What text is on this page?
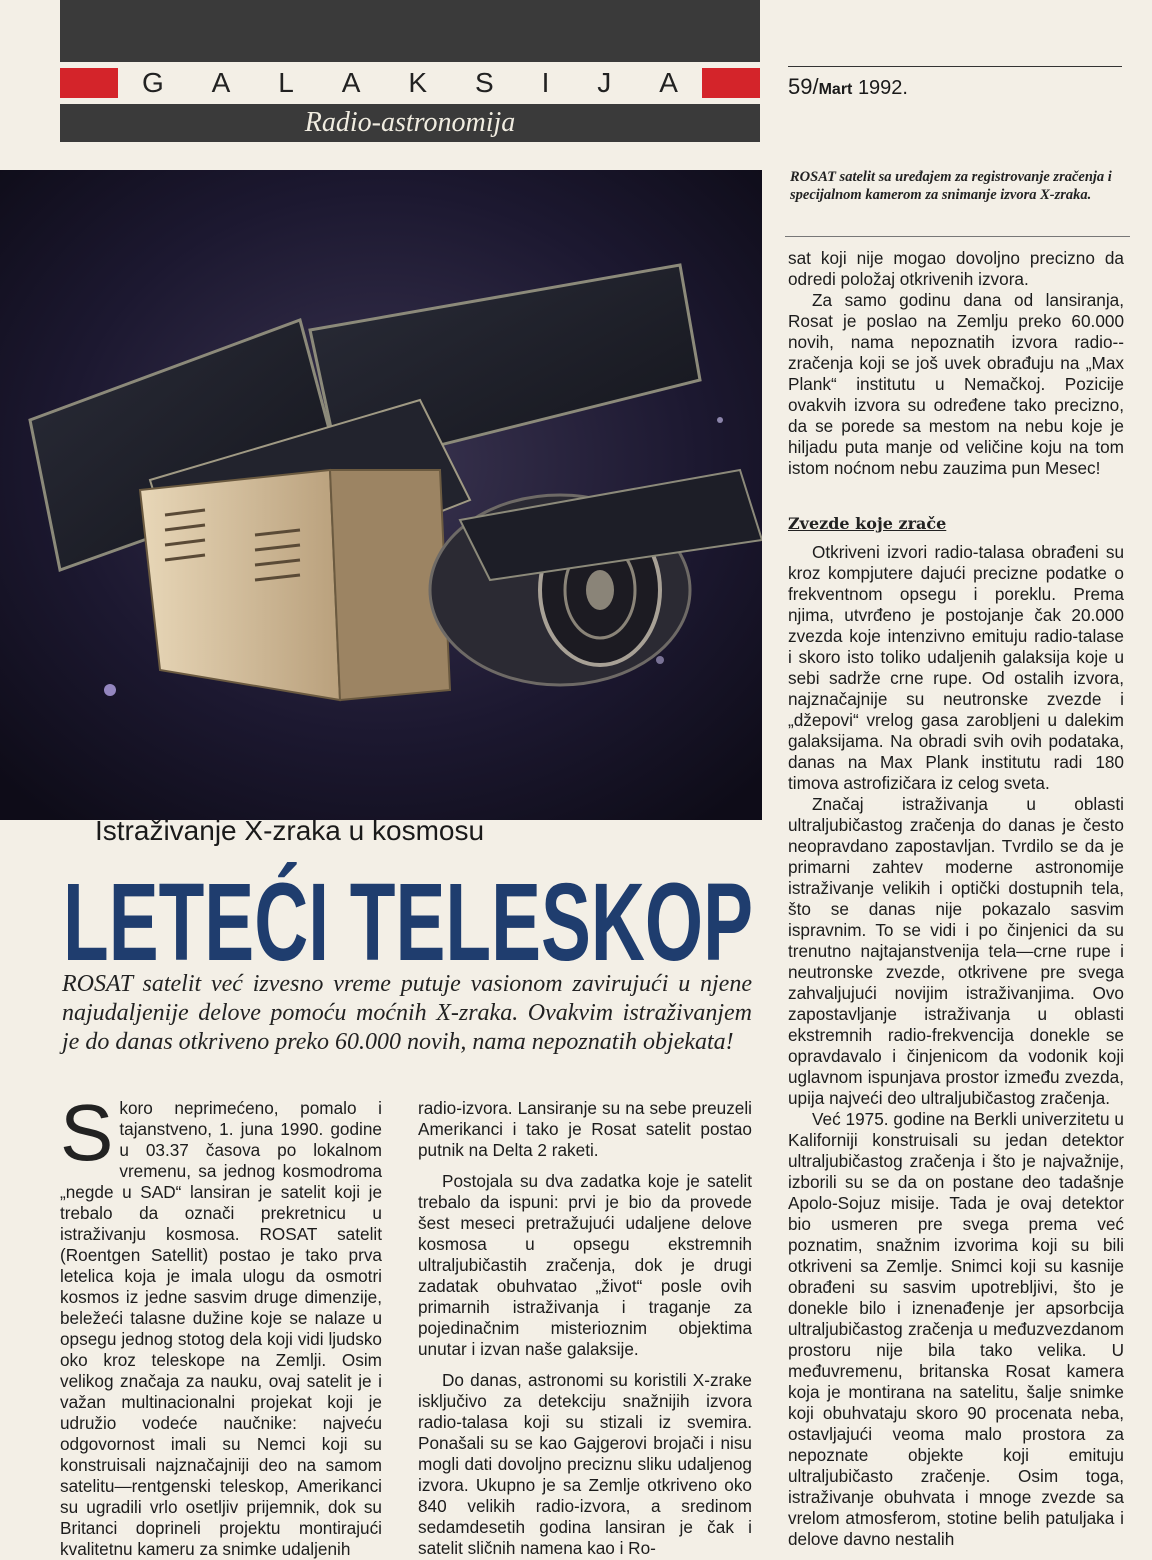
G A L A K S I J A
Radio-astronomija
59/Mart 1992.
ROSAT satelit sa uređajem za registrovanje zračenja i specijalnom kamerom za snimanje izvora X-zraka.

sat koji nije mogao dovoljno precizno da odredi položaj otkrivenih izvora.

Za samo godinu dana od lansiranja, Rosat je poslao na Zemlju preko 60.000 novih, nama nepoznatih izvora radio--zračenja koji se još uvek obrađuju na „Max Plank“ institutu u Nemačkoj. Pozicije ovakvih izvora su određene tako precizno, da se porede sa mestom na nebu koje je hiljadu puta manje od veličine koju na tom istom noćnom nebu zauzima pun Mesec!

Zvezde koje zrače

Otkriveni izvori radio-talasa obrađeni su kroz kompjutere dajući precizne podatke o frekventnom opsegu i poreklu. Prema njima, utvrđeno je postojanje čak 20.000 zvezda koje intenzivno emituju radio-talase i skoro isto toliko udaljenih galaksija koje u sebi sadrže crne rupe. Od ostalih izvora, najznačajnije su neutronske zvezde i „džepovi“ vrelog gasa zarobljeni u dalekim galaksijama. Na obradi svih ovih podataka, danas na Max Plank institutu radi 180 timova astrofizičara iz celog sveta.

Značaj istraživanja u oblasti ultraljubičastog zračenja do danas je često neopravdano zapostavljan. Tvrdilo se da je primarni zahtev moderne astronomije istraživanje velikih i optički dostupnih tela, što se danas nije pokazalo sasvim ispravnim. To se vidi i po činjenici da su trenutno najtajanstvenija tela—crne rupe i neutronske zvezde, otkrivene pre svega zahvaljujući novijim istraživanjima. Ovo zapostavljanje istraživanja u oblasti ekstremnih radio-frekvencija donekle se opravdavalo i činjenicom da vodonik koji uglavnom ispunjava prostor između zvezda, upija najveći deo ultraljubičastog zračenja.

Već 1975. godine na Berkli univerzitetu u Kaliforniji konstruisali su jedan detektor ultraljubičastog zračenja i što je najvažnije, izborili su se da on postane deo tadašnje Apolo-Sojuz misije. Tada je ovaj detektor bio usmeren pre svega prema već poznatim, snažnim izvorima koji su bili otkriveni sa Zemlje. Snimci koji su kasnije obrađeni su sasvim upotrebljivi, što je donekle bilo i iznenađenje jer apsorbcija ultraljubičastog zračenja u međuzvezdanom prostoru nije bila tako velika. U međuvremenu, britanska Rosat kamera koja je montirana na satelitu, šalje snimke koji obuhvataju skoro 90 procenata neba, ostavljajući veoma malo prostora za nepoznate objekte koji emituju ultraljubičasto zračenje. Osim toga, istraživanje obuhvata i mnoge zvezde sa vrelom atmosferom, stotine belih patuljaka i delove davno nestalih

Istraživanje X-zraka u kosmosu
ROSAT satelit već izvesno vreme putuje vasionom zavirujući u njene najudaljenije delove pomoću moćnih X-zraka. Ovakvim istraživanjem je do danas otkriveno preko 60.000 novih, nama nepoznatih objekata!

Skoro neprimećeno, pomalo i tajanstveno, 1. juna 1990. godine u 03.37 časova po lokalnom vremenu, sa jednog kosmodroma „negde u SAD“ lansiran je satelit koji je trebalo da označi prekretnicu u istraživanju kosmosa. ROSAT satelit (Roentgen Satellit) postao je tako prva letelica koja je imala ulogu da osmotri kosmos iz jedne sasvim druge dimenzije, beležeći talasne dužine koje se nalaze u opsegu jednog stotog dela koji vidi ljudsko oko kroz teleskope na Zemlji. Osim velikog značaja za nauku, ovaj satelit je i važan multinacionalni projekat koji je udružio vodeće naučnike: najveću odgovornost imali su Nemci koji su konstruisali najznačajniji deo na samom satelitu—rentgenski teleskop, Amerikanci su ugradili vrlo osetljiv prijemnik, dok su Britanci doprineli projektu montirajući kvalitetnu kameru za snimke udaljenih

radio-izvora. Lansiranje su na sebe preuzeli Amerikanci i tako je Rosat satelit postao putnik na Delta 2 raketi.

Postojala su dva zadatka koje je satelit trebalo da ispuni: prvi je bio da provede šest meseci pretražujući udaljene delove kosmosa u opsegu ekstremnih ultraljubičastih zračenja, dok je drugi zadatak obuhvatao „život“ posle ovih primarnih istraživanja i traganje za pojedinačnim misterioznim objektima unutar i izvan naše galaksije.

Do danas, astronomi su koristili X-zrake isključivo za detekciju snažnijih izvora radio-talasa koji su stizali iz svemira. Ponašali su se kao Gajgerovi brojači i nisu mogli dati dovoljno preciznu sliku udaljenog izvora. Ukupno je sa Zemlje otkriveno oko 840 velikih radio-izvora, a sredinom sedamdesetih godina lansiran je čak i satelit sličnih namena kao i Ro-
